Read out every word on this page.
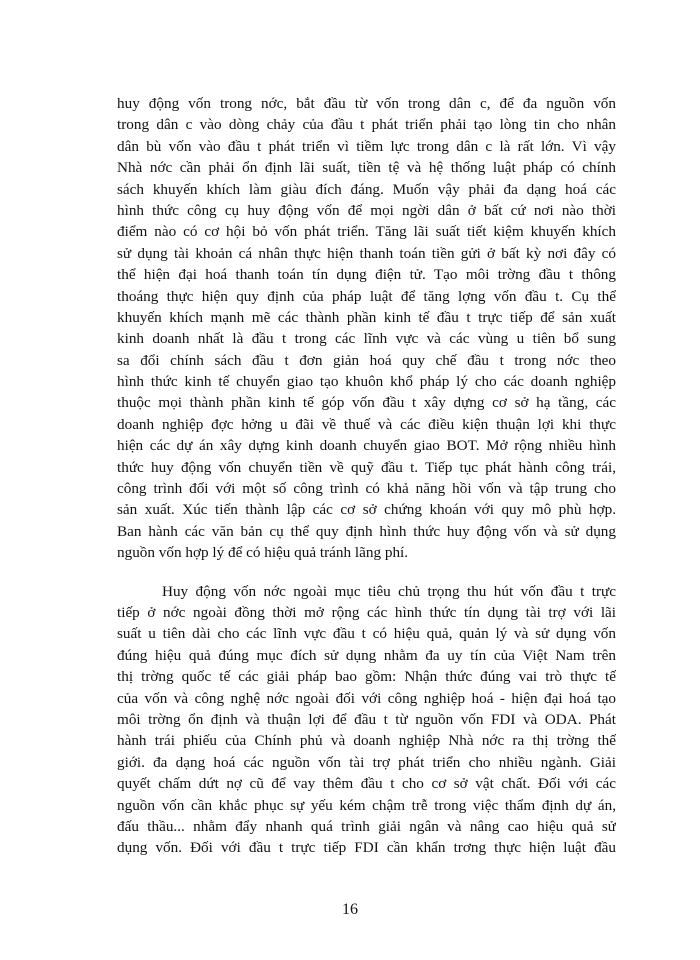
huy động vốn trong nớc, bắt đầu từ vốn trong dân c, để đa nguồn vốn
trong dân c vào dòng chảy của đầu t phát triển phải tạo lòng tin cho nhân
dân bù vốn vào đầu t phát triển vì tiềm lực trong dân c là rất lớn. Vì vậy
Nhà nớc cần phải ổn định lãi suất, tiền tệ và hệ thống luật pháp có chính
sách khuyến khích làm giàu đích đáng. Muốn vậy phải đa dạng hoá các
hình thức công cụ huy động vốn để mọi ngời dân ở bất cứ nơi nào thời
điểm nào có cơ hội bỏ vốn phát triển. Tăng lãi suất tiết kiệm khuyến khích
sử dụng tài khoản cá nhân thực hiện thanh toán tiền gửi ở bất kỳ nơi đây có
thể hiện đại hoá thanh toán tín dụng điện tử. Tạo môi trờng đầu t thông
thoáng thực hiện quy định của pháp luật để tăng lợng vốn đầu t. Cụ thể
khuyến khích mạnh mẽ các thành phần kinh tế đầu t trực tiếp để sản xuất
kinh doanh nhất là đầu t trong các lĩnh vực và các vùng u tiên bổ sung
sa đổi chính sách đầu t đơn giản hoá quy chế đầu t trong nớc theo
hình thức kinh tế chuyển giao tạo khuôn khổ pháp lý cho các doanh nghiệp
thuộc mọi thành phần kinh tế góp vốn đầu t xây dựng cơ sở hạ tầng, các
doanh nghiệp đợc hởng u đãi về thuế và các điều kiện thuận lợi khi thực
hiện các dự án xây dựng kinh doanh chuyển giao BOT. Mở rộng nhiều hình
thức huy động vốn chuyển tiền về quỹ đầu t. Tiếp tục phát hành công trái,
công trình đối với một số công trình có khả năng hồi vốn và tập trung cho
sản xuất. Xúc tiến thành lập các cơ sở chứng khoán với quy mô phù hợp.
Ban hành các văn bản cụ thể quy định hình thức huy động vốn và sử dụng
nguồn vốn hợp lý để có hiệu quả tránh lãng phí.
Huy động vốn nớc ngoài mục tiêu chủ trọng thu hút vốn đầu t trực
tiếp ở nớc ngoài đồng thời mở rộng các hình thức tín dụng tài trợ với lãi
suất u tiên dài cho các lĩnh vực đầu t có hiệu quả, quản lý và sử dụng vốn
đúng hiệu quả đúng mục đích sử dụng nhằm đa uy tín của Việt Nam trên
thị trờng quốc tế các giải pháp bao gồm: Nhận thức đúng vai trò thực tế
của vốn và công nghệ nớc ngoài đối với công nghiệp hoá - hiện đại hoá tạo
môi trờng ổn định và thuận lợi để đầu t từ nguồn vốn FDI và ODA. Phát
hành trái phiếu của Chính phủ và doanh nghiệp Nhà nớc ra thị trờng thế
giới. đa dạng hoá các nguồn vốn tài trợ phát triển cho nhiều ngành. Giải
quyết chấm dứt nợ cũ để vay thêm đầu t cho cơ sở vật chất. Đối với các
nguồn vốn cần khắc phục sự yếu kém chậm trễ trong việc thẩm định dự án,
đấu thầu... nhằm đẩy nhanh quá trình giải ngân và nâng cao hiệu quả sử
dụng vốn. Đối với đầu t trực tiếp FDI cần khẩn trơng thực hiện luật đầu
16
